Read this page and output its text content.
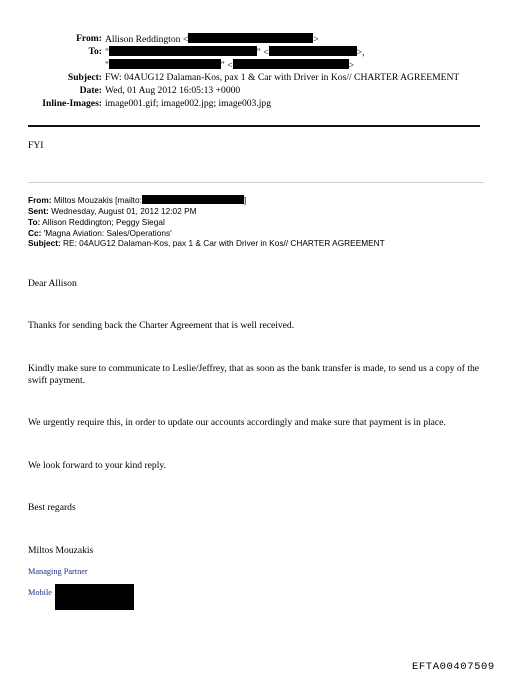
From: Allison Reddington <	>
To: "	" <	>,
"	" <	>
Subject: FW: 04AUG12 Dalaman-Kos, pax 1 & Car with Driver in Kos// CHARTER AGREEMENT
Date: Wed, 01 Aug 2012 16:05:13 +0000
Inline-Images: image001.gif; image002.jpg; image003.jpg
FYI
From: Miltos Mouzakis [mailto:	]
Sent: Wednesday, August 01, 2012 12:02 PM
To: Allison Reddington; Peggy Siegal
Cc: 'Magna Aviation: Sales/Operations'
Subject: RE: 04AUG12 Dalaman-Kos, pax 1 & Car with Driver in Kos// CHARTER AGREEMENT
Dear Allison
Thanks for sending back the Charter Agreement that is well received.
Kindly make sure to communicate to Leslie/Jeffrey, that as soon as the bank transfer is made, to send us a copy of the swift payment.
We urgently require this, in order to update our accounts accordingly and make sure that payment is in place.
We look forward to your kind reply.
Best regards
Miltos Mouzakis
Managing Partner
Mobile
EFTA00407509
